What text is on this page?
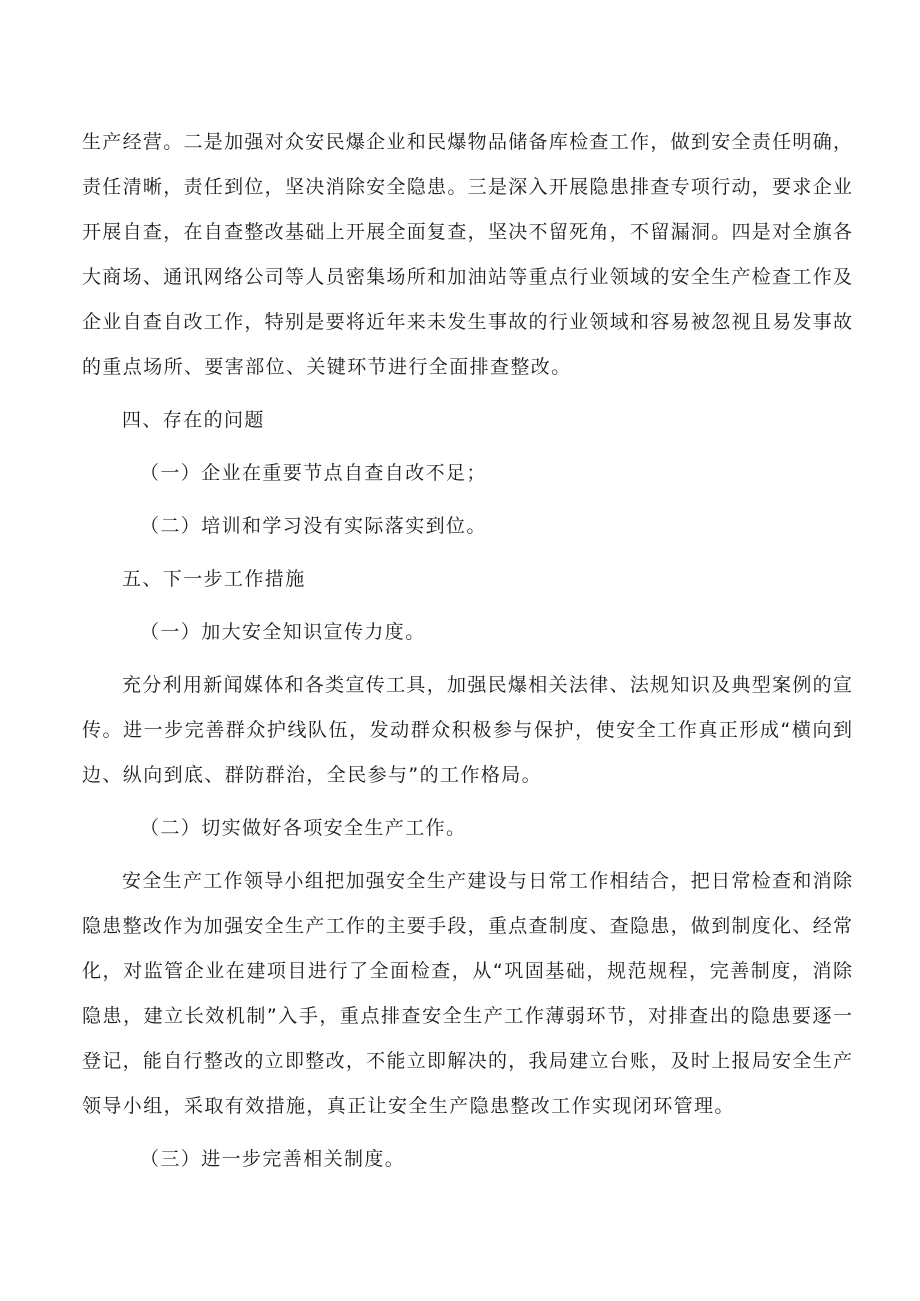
生产经营。二是加强对众安民爆企业和民爆物品储备库检查工作，做到安全责任明确，
责任清晰，责任到位，坚决消除安全隐患。三是深入开展隐患排查专项行动，要求企业
开展自查，在自查整改基础上开展全面复查，坚决不留死角，不留漏洞。四是对全旗各
大商场、通讯网络公司等人员密集场所和加油站等重点行业领域的安全生产检查工作及
企业自查自改工作，特别是要将近年来未发生事故的行业领域和容易被忽视且易发事故
的重点场所、要害部位、关键环节进行全面排查整改。
四、存在的问题
（一）企业在重要节点自查自改不足；
（二）培训和学习没有实际落实到位。
五、下一步工作措施
（一）加大安全知识宣传力度。
充分利用新闻媒体和各类宣传工具，加强民爆相关法律、法规知识及典型案例的宣
传。进一步完善群众护线队伍，发动群众积极参与保护，使安全工作真正形成“横向到
边、纵向到底、群防群治，全民参与”的工作格局。
（二）切实做好各项安全生产工作。
安全生产工作领导小组把加强安全生产建设与日常工作相结合，把日常检查和消除
隐患整改作为加强安全生产工作的主要手段，重点查制度、查隐患，做到制度化、经常
化，对监管企业在建项目进行了全面检查，从“巩固基础，规范规程，完善制度，消除
隐患，建立长效机制”入手，重点排查安全生产工作薄弱环节，对排查出的隐患要逐一
登记，能自行整改的立即整改，不能立即解决的，我局建立台账，及时上报局安全生产
领导小组，采取有效措施，真正让安全生产隐患整改工作实现闭环管理。
（三）进一步完善相关制度。
